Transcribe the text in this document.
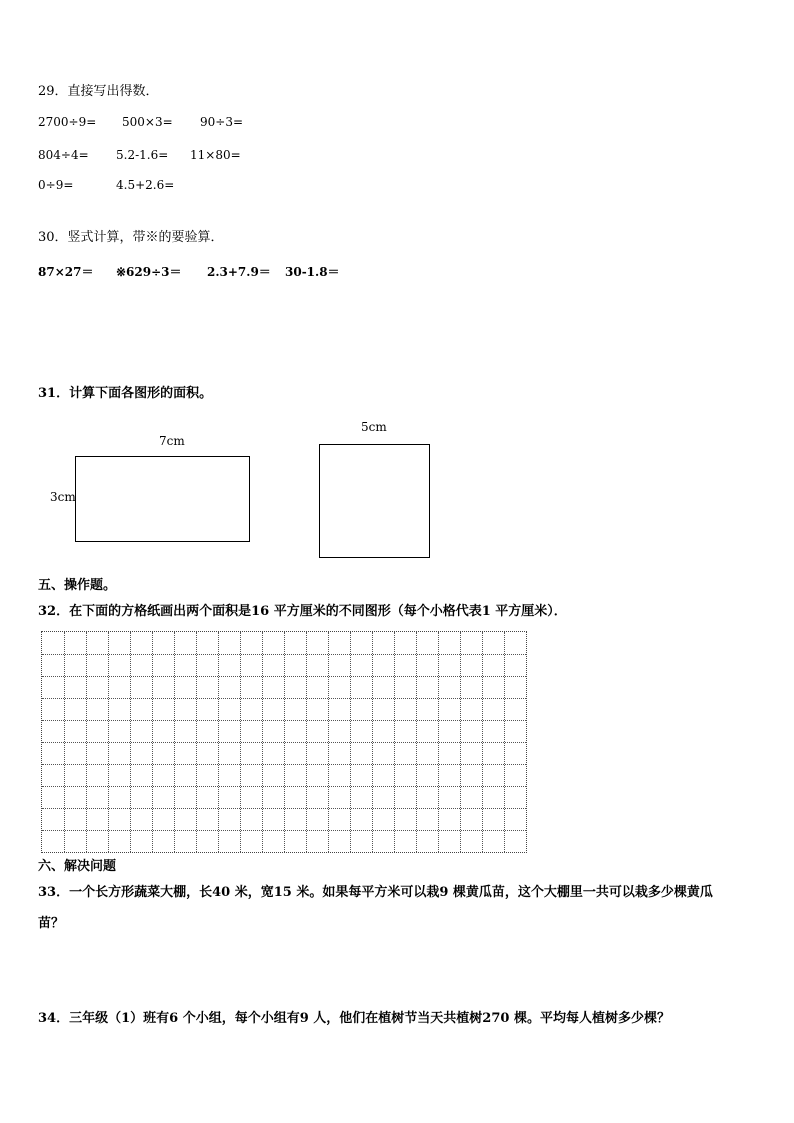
29．直接写出得数．
2700÷9= 500×3= 90÷3=
804÷4= 5.2-1.6= 11×80=
0÷9=	4.5+2.6=
30．竖式计算，带※的要验算．
87×27＝ ※629÷3＝ 2.3+7.9＝ 30-1.8＝
31．计算下面各图形的面积。
7cm
3cm
5cm
五、操作题。
32．在下面的方格纸画出两个面积是16 平方厘米的不同图形（每个小格代表1 平方厘米）．
六、解决问题
33．一个长方形蔬菜大棚，长40 米，宽15 米。如果每平方米可以栽9 棵黄瓜苗，这个大棚里一共可以栽多少棵黄瓜
苗？
34．三年级（1）班有6 个小组，每个小组有9 人，他们在植树节当天共植树270 棵。平均每人植树多少棵？
